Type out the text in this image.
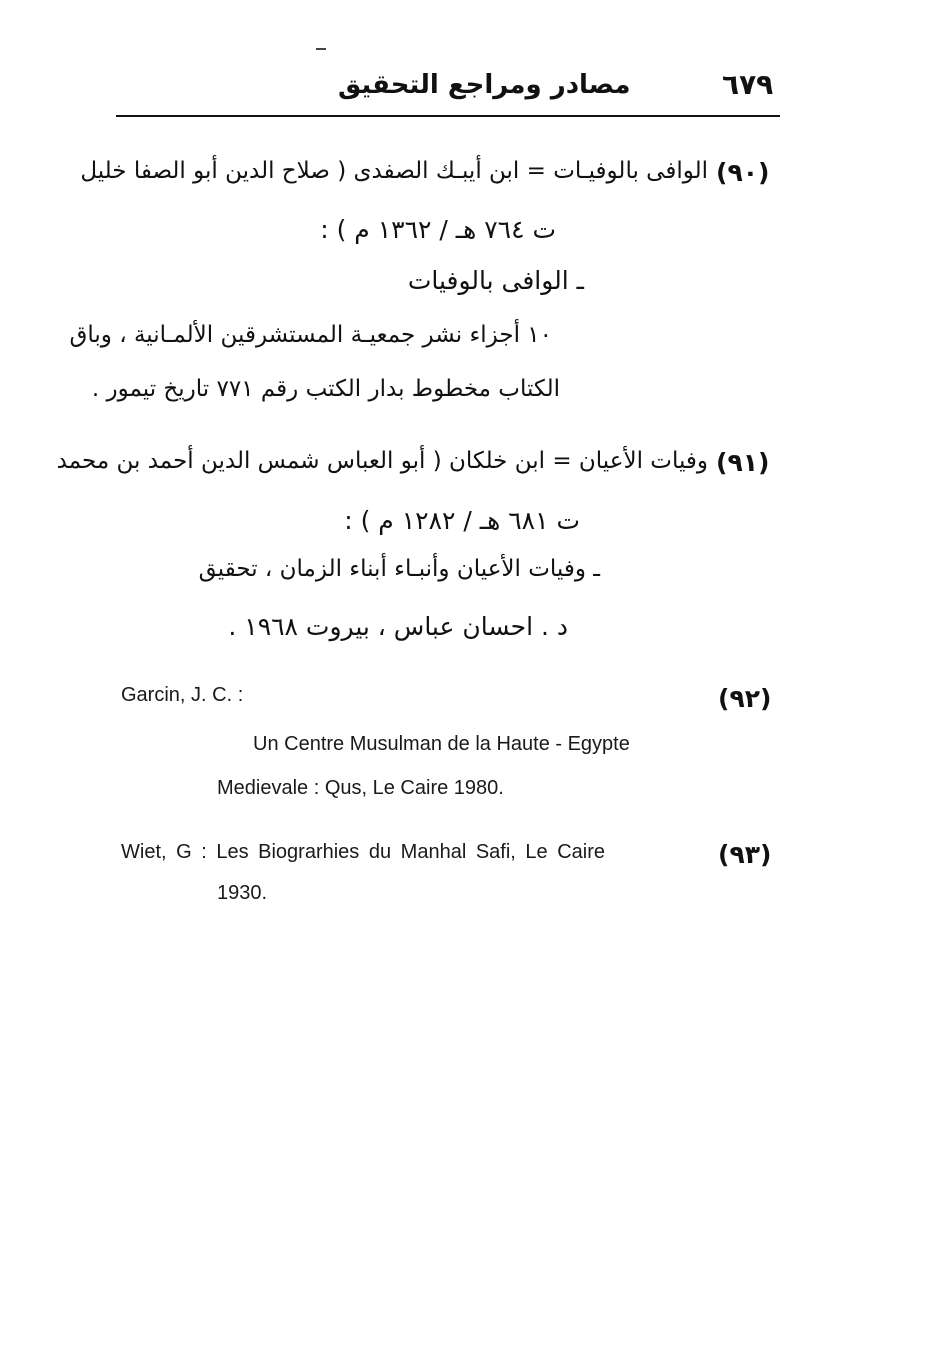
٦٧٩
مصادر ومراجع التحقيق
(٩٠)
الوافى بالوفيـات = ابن أيبـك الصفدى ( صلاح الدين أبو الصفا خليل
ت ٧٦٤ هـ / ١٣٦٢ م ) :
ـ الوافى بالوفيات
١٠ أجزاء نشر جمعيـة المستشرقين الألمـانية ، وباق
الكتاب مخطوط بدار الكتب رقم ٧٧١ تاريخ تيمور .
(٩١)
وفيات الأعيان = ابن خلكان ( أبو العباس شمس الدين أحمد بن محمد
ت ٦٨١ هـ / ١٢٨٢ م ) :
ـ وفيات الأعيان وأنبـاء أبناء الزمان ، تحقيق
د . احسان عباس ، بيروت ١٩٦٨ .
(٩٢)
Garcin, J. C. :
Un Centre Musulman de la Haute - Egypte
Medievale : Qus, Le Caire 1980.
(٩٣)
Wiet, G : Les Biograrhies du Manhal Safi, Le Caire
1930.
